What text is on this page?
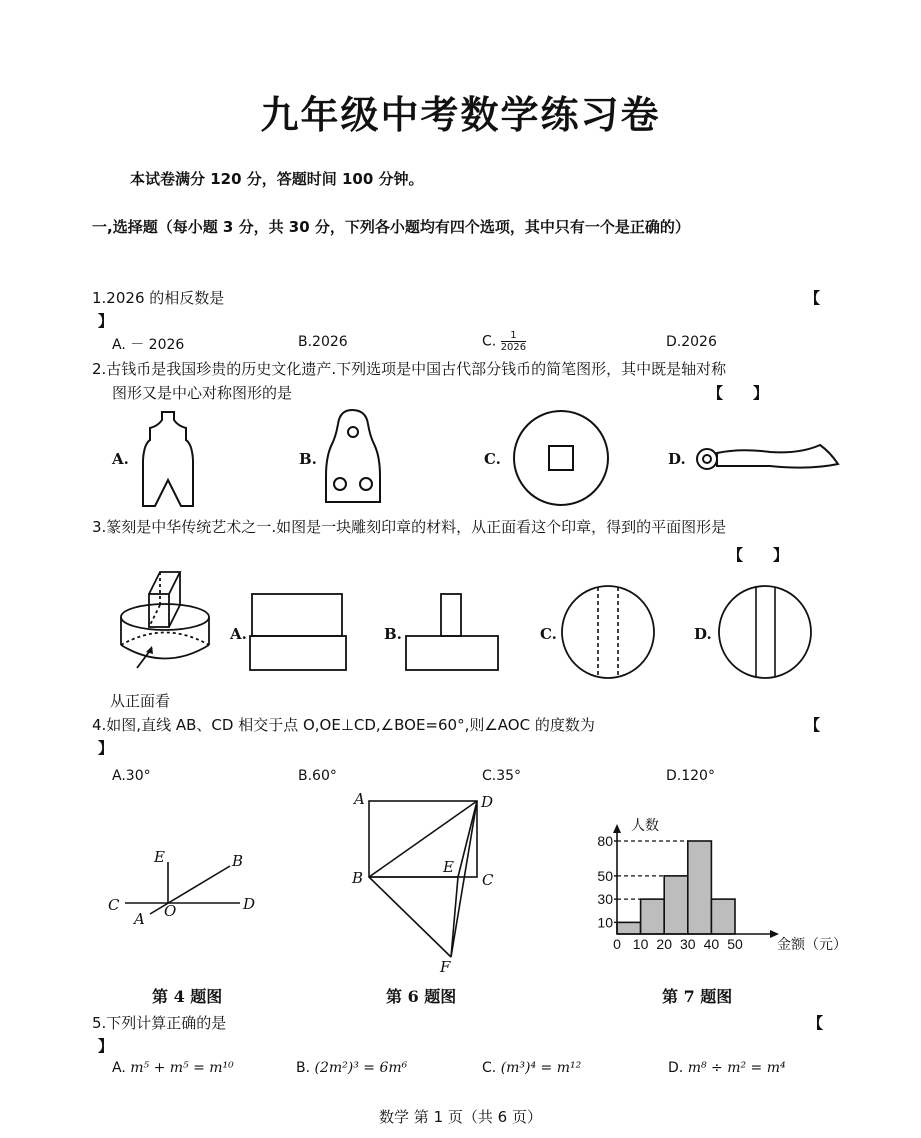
九年级中考数学练习卷
本试卷满分 120 分，答题时间 100 分钟。
一,选择题（每小题 3 分，共 30 分，下列各小题均有四个选项，其中只有一个是正确的）
1.2026 的相反数是	【
】
A. － 2026	B.2026	C. $\frac{1}{2026}$	D.2026
2.古钱币是我国珍贵的历史文化遗产.下列选项是中国古代部分钱币的简笔图形，其中既是轴对称
图形又是中心对称图形的是	【　　】
A.	B.	C.	D.
3.篆刻是中华传统艺术之一.如图是一块雕刻印章的材料，从正面看这个印章，得到的平面图形是
【　　】
A.	B.	C.	D.
从正面看
4.如图,直线 AB、CD 相交于点 O,OE⊥CD,∠BOE=60°,则∠AOC 的度数为	【
】
A.30°	B.60°	C.35°	D.120°
E	B
C	O	D
A
第 4 题图
A	D
B
E
C
F
第 6 题图
10
30
50
80
0 10 20 30 40 50
人数
金额（元）
第 7 题图
5.下列计算正确的是	【
】
A. m⁵ + m⁵ = m¹⁰	B. (2m²)³ = 6m⁶	C. (m³)⁴ = m¹²	D. m⁸ ÷ m² = m⁴
数学 第 1 页（共 6 页）
